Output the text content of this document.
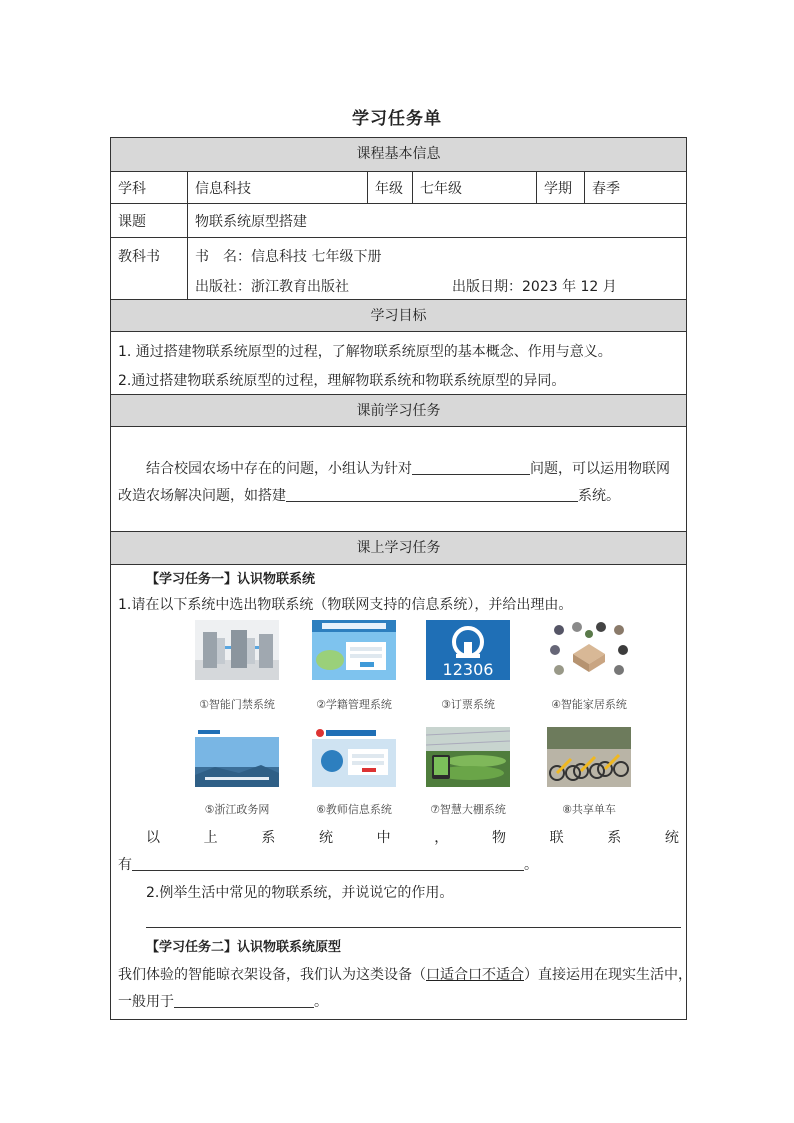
学习任务单
课程基本信息
学科	信息科技	年级	七年级	学期	春季
课题	物联系统原型搭建
教科书	书　名：信息科技 七年级下册
出版社：浙江教育出版社	出版日期：2023 年 12 月
学习目标
1. 通过搭建物联系统原型的过程，了解物联系统原型的基本概念、作用与意义。
2.通过搭建物联系统原型的过程，理解物联系统和物联系统原型的异同。
课前学习任务
结合校园农场中存在的问题，小组认为针对	问题，可以运用物联网
改造农场解决问题，如搭建	系统。
课上学习任务
【学习任务一】认识物联系统
1.请在以下系统中选出物联系统（物联网支持的信息系统），并给出理由。
12306
①智能门禁系统	②学籍管理系统	③订票系统	④智能家居系统
⑤浙江政务网	⑥教师信息系统	⑦智慧大棚系统	⑧共享单车
以	上	系	统	中	，	物	联	系	统
有	。
2.例举生活中常见的物联系统，并说说它的作用。
【学习任务二】认识物联系统原型
我们体验的智能晾衣架设备，我们认为这类设备（口适合口不适合）直接运用在现实生活中，
一般用于	。
